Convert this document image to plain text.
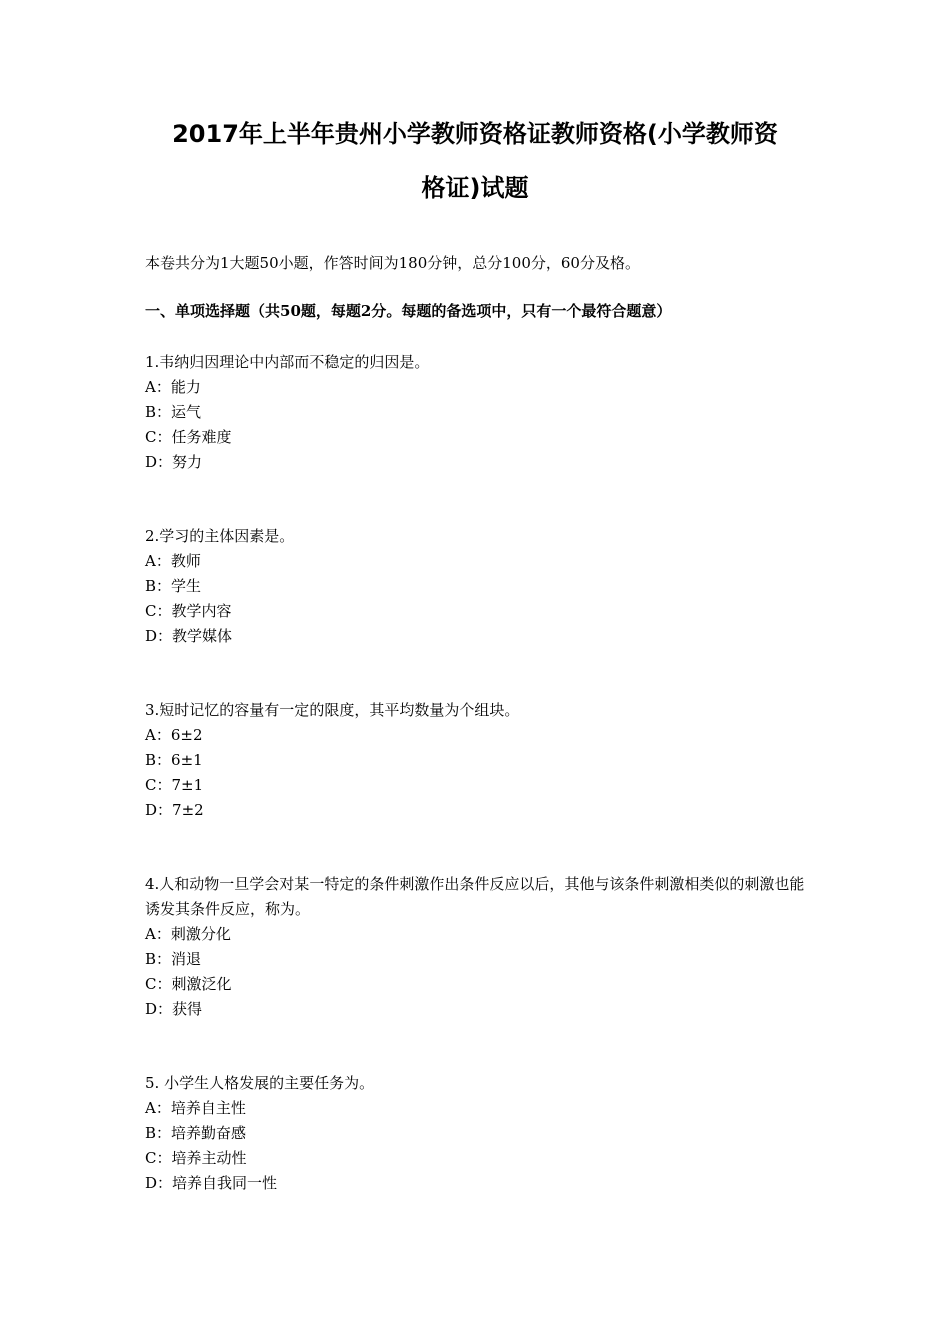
2017年上半年贵州小学教师资格证教师资格(小学教师资
格证)试题

本卷共分为1大题50小题，作答时间为180分钟，总分100分，60分及格。

一、单项选择题（共50题，每题2分。每题的备选项中，只有一个最符合题意）

1.韦纳归因理论中内部而不稳定的归因是。

A：能力

B：运气

C：任务难度

D：努力

2.学习的主体因素是。

A：教师

B：学生

C：教学内容

D：教学媒体

3.短时记忆的容量有一定的限度，其平均数量为个组块。

A：6±2

B：6±1

C：7±1

D：7±2

4.人和动物一旦学会对某一特定的条件刺激作出条件反应以后，其他与该条件刺激相类似的刺激也能诱发其条件反应，称为。

A：刺激分化

B：消退

C：刺激泛化

D：获得

5. 小学生人格发展的主要任务为。

A：培养自主性

B：培养勤奋感

C：培养主动性

D：培养自我同一性
